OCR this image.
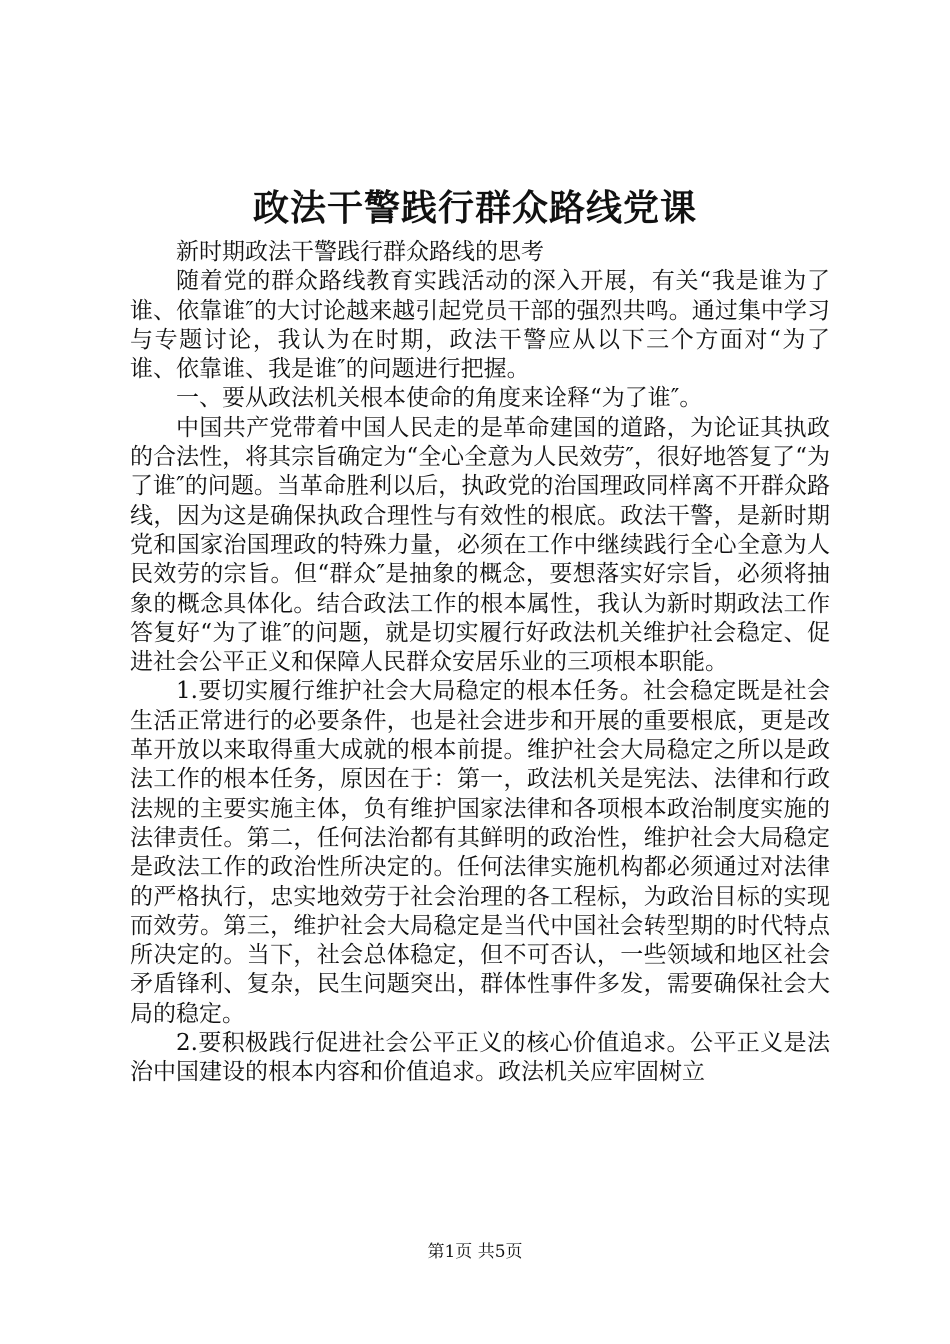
政法干警践行群众路线党课

新时期政法干警践行群众路线的思考

随着党的群众路线教育实践活动的深入开展，有关“我是谁为了谁、依靠谁″的大讨论越来越引起党员干部的强烈共鸣。通过集中学习与专题讨论，我认为在时期，政法干警应从以下三个方面对“为了谁、依靠谁、我是谁″的问题进行把握。

一、要从政法机关根本使命的角度来诠释“为了谁″。

中国共产党带着中国人民走的是革命建国的道路，为论证其执政的合法性，将其宗旨确定为“全心全意为人民效劳″，很好地答复了“为了谁″的问题。当革命胜利以后，执政党的治国理政同样离不开群众路线，因为这是确保执政合理性与有效性的根底。政法干警，是新时期党和国家治国理政的特殊力量，必须在工作中继续践行全心全意为人民效劳的宗旨。但“群众″是抽象的概念，要想落实好宗旨，必须将抽象的概念具体化。结合政法工作的根本属性，我认为新时期政法工作答复好“为了谁″的问题，就是切实履行好政法机关维护社会稳定、促进社会公平正义和保障人民群众安居乐业的三项根本职能。

1.要切实履行维护社会大局稳定的根本任务。社会稳定既是社会生活正常进行的必要条件，也是社会进步和开展的重要根底，更是改革开放以来取得重大成就的根本前提。维护社会大局稳定之所以是政法工作的根本任务，原因在于：第一，政法机关是宪法、法律和行政法规的主要实施主体，负有维护国家法律和各项根本政治制度实施的法律责任。第二，任何法治都有其鲜明的政治性，维护社会大局稳定是政法工作的政治性所决定的。任何法律实施机构都必须通过对法律的严格执行，忠实地效劳于社会治理的各工程标，为政治目标的实现而效劳。第三，维护社会大局稳定是当代中国社会转型期的时代特点所决定的。当下，社会总体稳定，但不可否认，一些领域和地区社会矛盾锋利、复杂，民生问题突出，群体性事件多发，需要确保社会大局的稳定。

2.要积极践行促进社会公平正义的核心价值追求。公平正义是法治中国建设的根本内容和价值追求。政法机关应牢固树立

第1页 共5页
